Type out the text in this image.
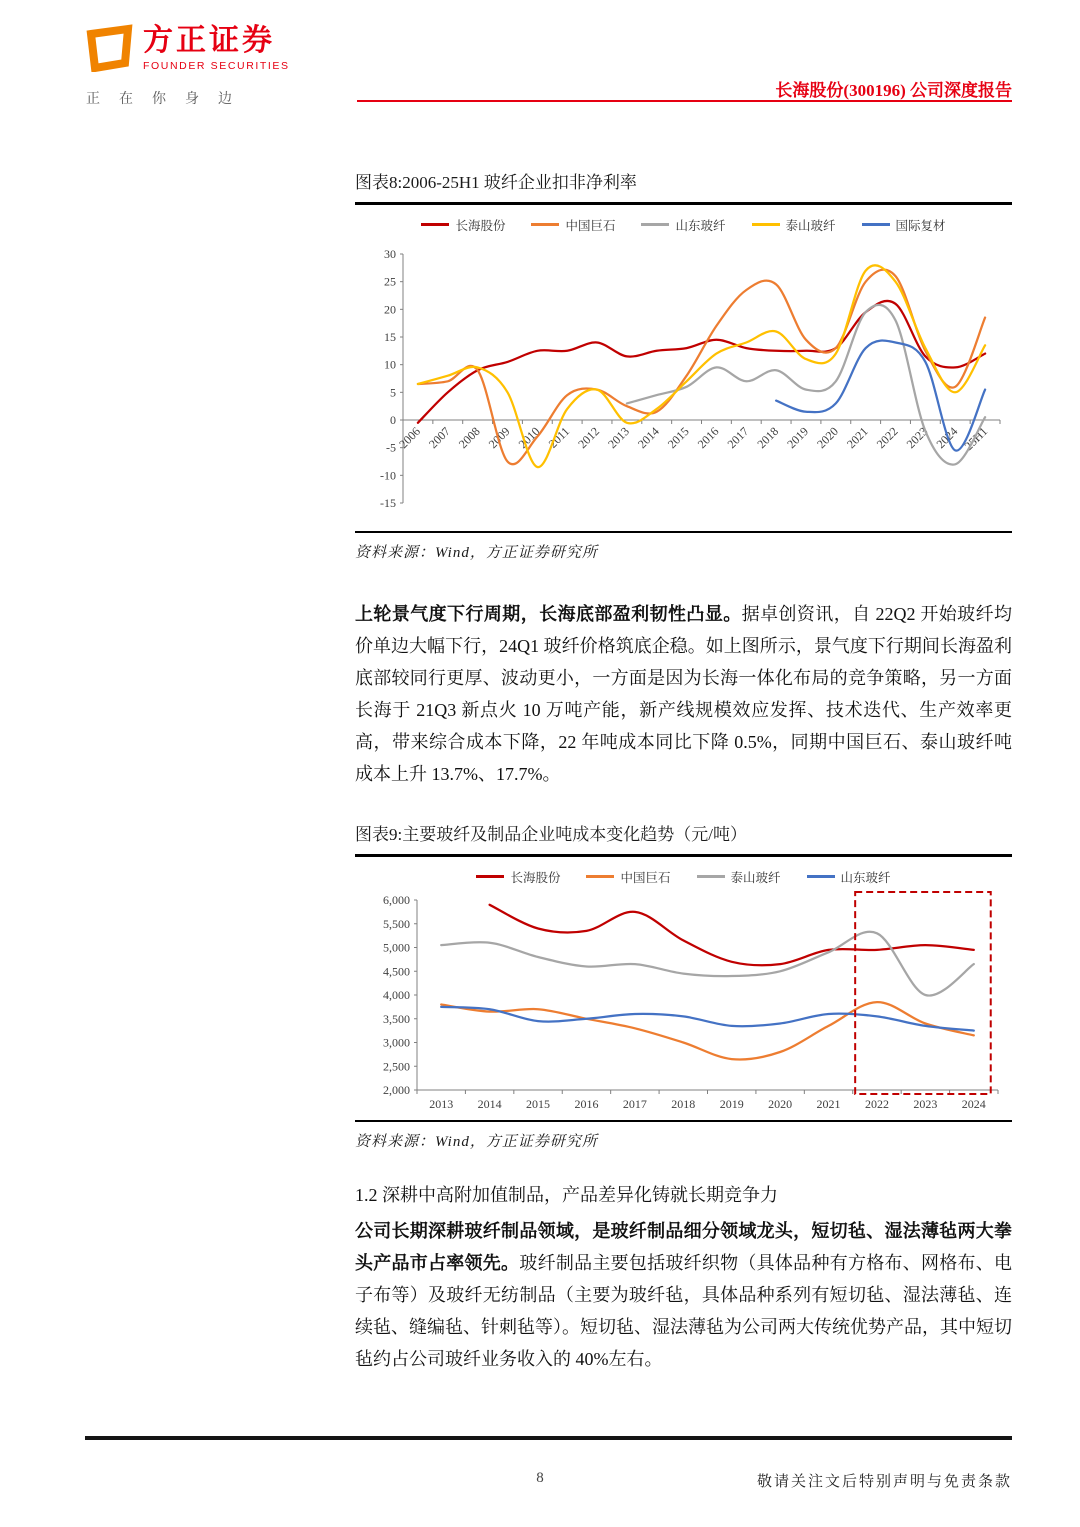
方正证券
FOUNDER SECURITIES
正在你身边	长海股份(300196) 公司深度报告
图表8:2006-25H1 玻纤企业扣非净利率
长海股份	中国巨石	山东玻纤	泰山玻纤	国际复材
-15
-10
-5
0
5
10
15
20
25
30
2006 2007 2008 2009 2010 2011 2012 2013 2014 2015 2016 2017 2018 2019 2020 2021 2022 2023 2024 25H1
资料来源：Wind，方正证券研究所

上轮景气度下行周期，长海底部盈利韧性凸显。据卓创资讯，自 22Q2 开始玻纤均价单边大幅下行，24Q1 玻纤价格筑底企稳。如上图所示，景气度下行期间长海盈利底部较同行更厚、波动更小，一方面是因为长海一体化布局的竞争策略，另一方面长海于 21Q3 新点火 10 万吨产能，新产线规模效应发挥、技术迭代、生产效率更高，带来综合成本下降，22 年吨成本同比下降 0.5%，同期中国巨石、泰山玻纤吨成本上升 13.7%、17.7%。

图表9:主要玻纤及制品企业吨成本变化趋势（元/吨）
长海股份	中国巨石	泰山玻纤	山东玻纤
2,000
2,500
3,000
3,500
4,000
4,500
5,000
5,500
6,000
2013 2014 2015 2016 2017 2018 2019 2020 2021 2022 2023 2024
资料来源：Wind，方正证券研究所
1.2 深耕中高附加值制品，产品差异化铸就长期竞争力

公司长期深耕玻纤制品领域，是玻纤制品细分领域龙头，短切毡、湿法薄毡两大拳头产品市占率领先。玻纤制品主要包括玻纤织物（具体品种有方格布、网格布、电子布等）及玻纤无纺制品（主要为玻纤毡，具体品种系列有短切毡、湿法薄毡、连续毡、缝编毡、针刺毡等）。短切毡、湿法薄毡为公司两大传统优势产品，其中短切毡约占公司玻纤业务收入的 40%左右。

8	敬请关注文后特别声明与免责条款
